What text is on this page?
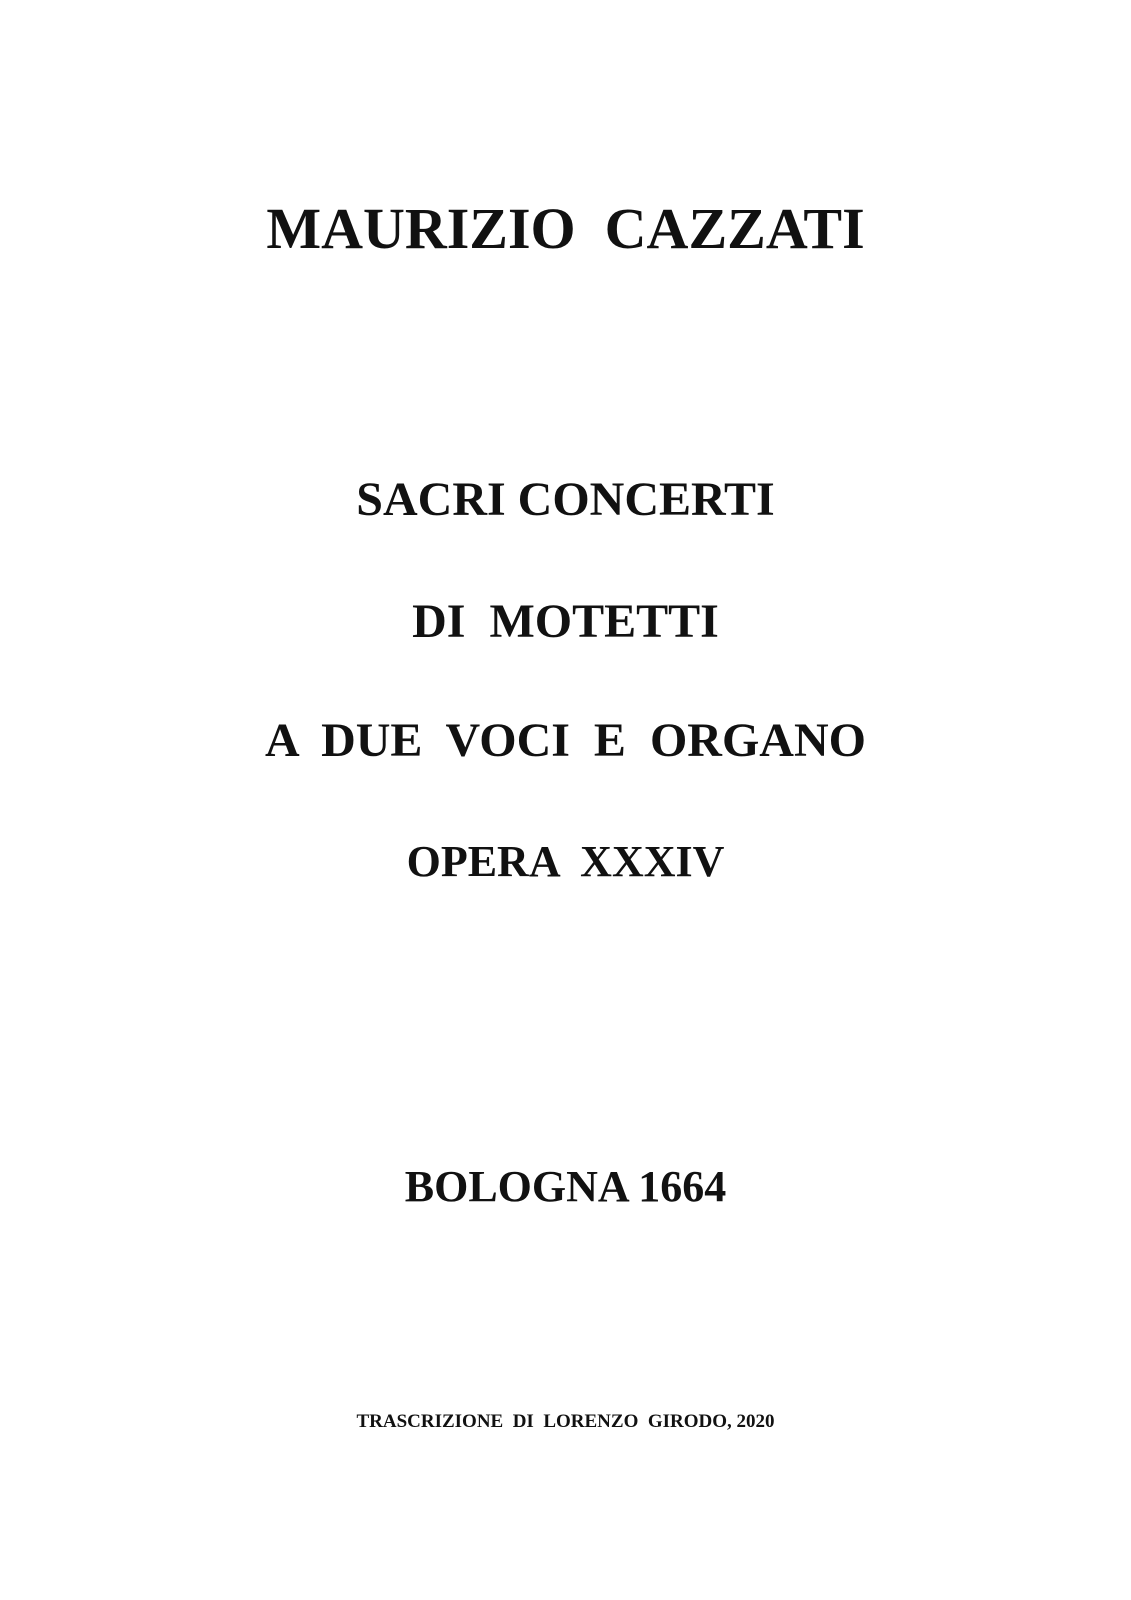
MAURIZIO  CAZZATI
SACRI CONCERTI
DI  MOTETTI
A  DUE  VOCI  E  ORGANO
OPERA  XXXIV
BOLOGNA 1664
TRASCRIZIONE  DI  LORENZO  GIRODO, 2020
